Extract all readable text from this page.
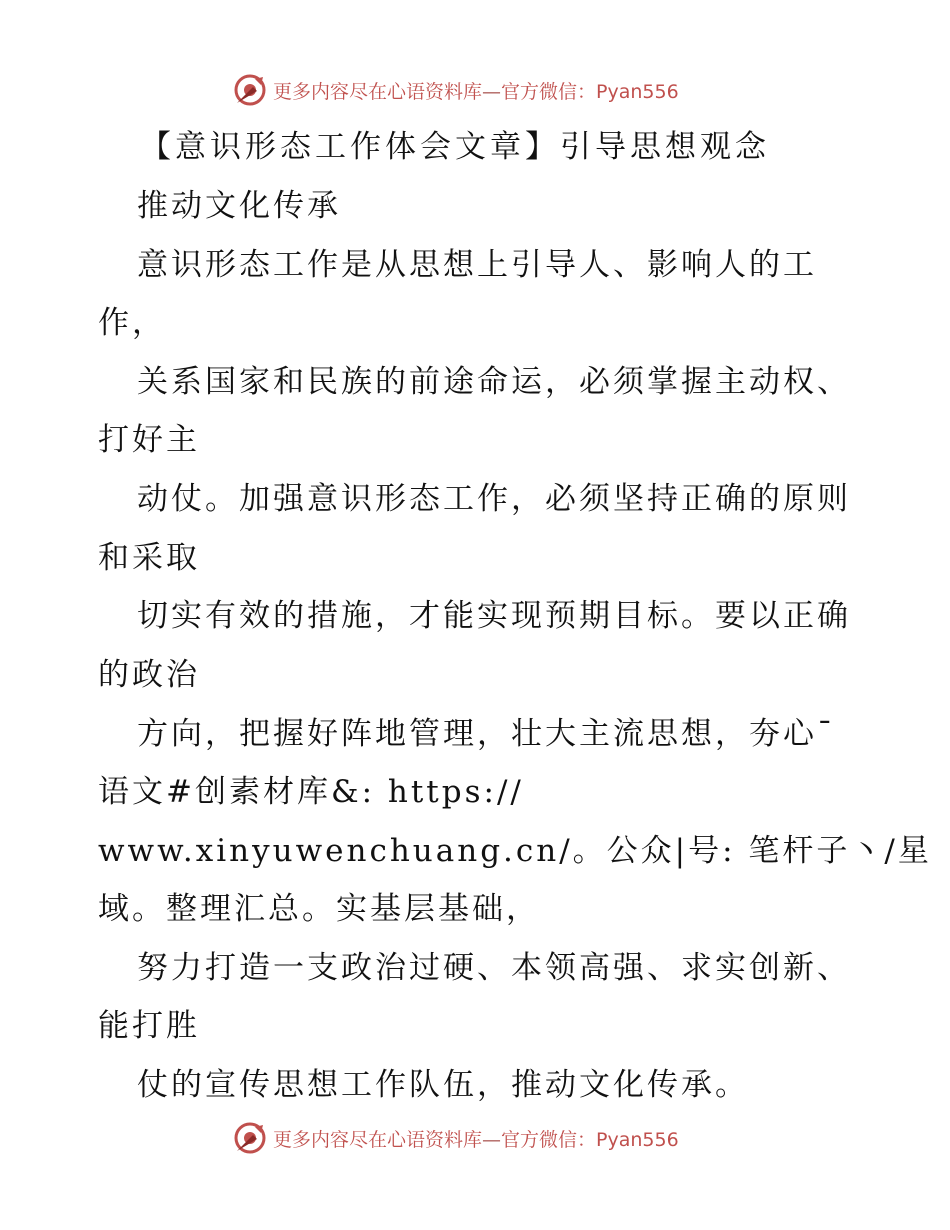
更多内容尽在心语资料库—官方微信：Pyan556
【意识形态工作体会文章】引导思想观念
推动文化传承
意识形态工作是从思想上引导人、影响人的工
作，
关系国家和民族的前途命运，必须掌握主动权、
打好主
动仗。加强意识形态工作，必须坚持正确的原则
和采取
切实有效的措施，才能实现预期目标。要以正确
的政治
方向，把握好阵地管理，壮大主流思想，夯心¯
语文#创素材库&: https://
www.xinyuwenchuang.cn/。公众|号: 笔杆子丶/星
域。整理汇总。实基层基础，
努力打造一支政治过硬、本领高强、求实创新、
能打胜
仗的宣传思想工作队伍，推动文化传承。
更多内容尽在心语资料库—官方微信：Pyan556
